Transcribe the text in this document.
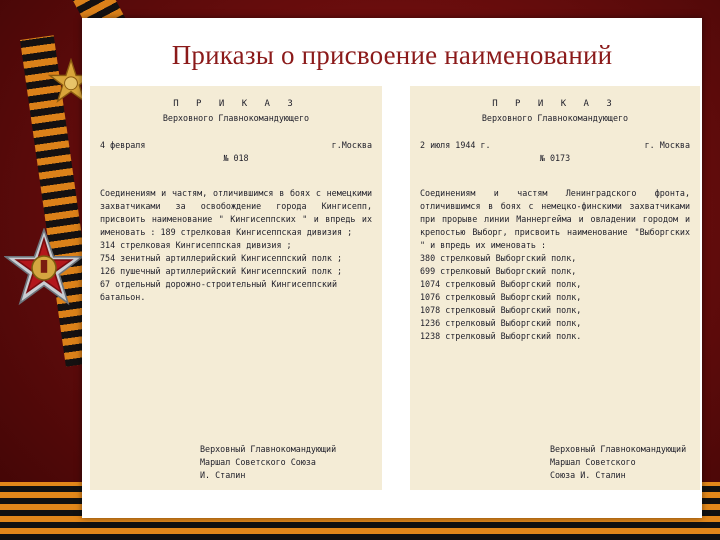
Приказы о присвоение наименований
П Р И К А З
Верховного Главнокомандующего
4 февраля	г.Москва
№ 018
Соединениям и частям, отличившимся в боях с немецкими захватчиками за освобождение города Кингисепп, присвоить наименование " Кингисеппских " и впредь их именовать : 189 стрелковая Кингисеппская дивизия ;

314 стрелковая Кингисеппская дивизия ;

754 зенитный артиллерийский Кингисеппский полк ;

126 пушечный артиллерийский Кингисеппский полк ;

67 отдельный дорожно-строительный Кингисеппский батальон.

Верховный Главнокомандующий
Маршал Советского Союза
И. Сталин
П Р И К А З
Верховного Главнокомандующего
2 июля 1944 г.	г. Москва
№ 0173
Соединениям и частям Ленинградского фронта, отличившимся в боях с немецко-финскими захватчиками при прорыве линии Маннергейма и овладении городом и крепостью Выборг, присвоить наименование "Выборгских " и впредь их именовать :

380 стрелковый Выборгский полк,

699 стрелковый Выборгский полк,

1074 стрелковый Выборгский полк,

1076 стрелковый Выборгский полк,

1078 стрелковый Выборгский полк,

1236 стрелковый Выборгский полк,

1238 стрелковый Выборгский полк.

Верховный Главнокомандующий
Маршал Советского
Союза И. Сталин
